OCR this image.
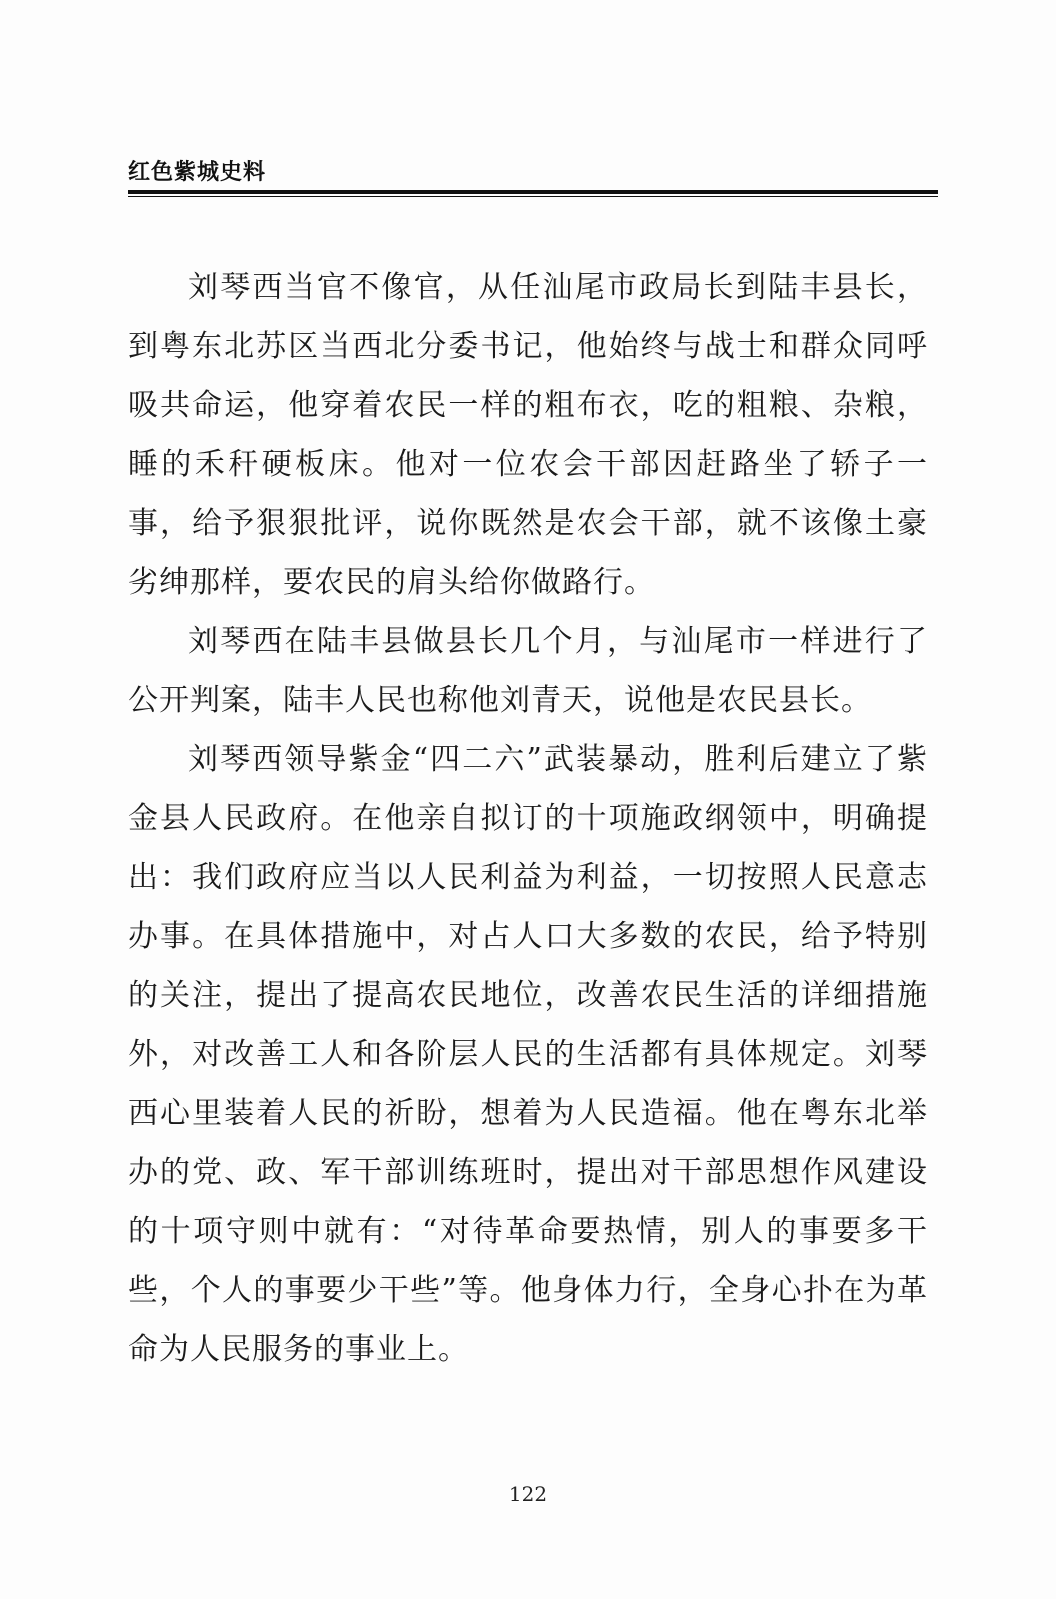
红色紫城史料

刘琴西当官不像官，从任汕尾市政局长到陆丰县长，到粤东北苏区当西北分委书记，他始终与战士和群众同呼吸共命运，他穿着农民一样的粗布衣，吃的粗粮、杂粮，睡的禾秆硬板床。他对一位农会干部因赶路坐了轿子一事，给予狠狠批评，说你既然是农会干部，就不该像土豪劣绅那样，要农民的肩头给你做路行。

刘琴西在陆丰县做县长几个月，与汕尾市一样进行了公开判案，陆丰人民也称他刘青天，说他是农民县长。

刘琴西领导紫金“四二六”武装暴动，胜利后建立了紫金县人民政府。在他亲自拟订的十项施政纲领中，明确提出：我们政府应当以人民利益为利益，一切按照人民意志办事。在具体措施中，对占人口大多数的农民，给予特别的关注，提出了提高农民地位，改善农民生活的详细措施外，对改善工人和各阶层人民的生活都有具体规定。刘琴西心里装着人民的祈盼，想着为人民造福。他在粤东北举办的党、政、军干部训练班时，提出对干部思想作风建设的十项守则中就有：“对待革命要热情，别人的事要多干些，个人的事要少干些”等。他身体力行，全身心扑在为革命为人民服务的事业上。

122
